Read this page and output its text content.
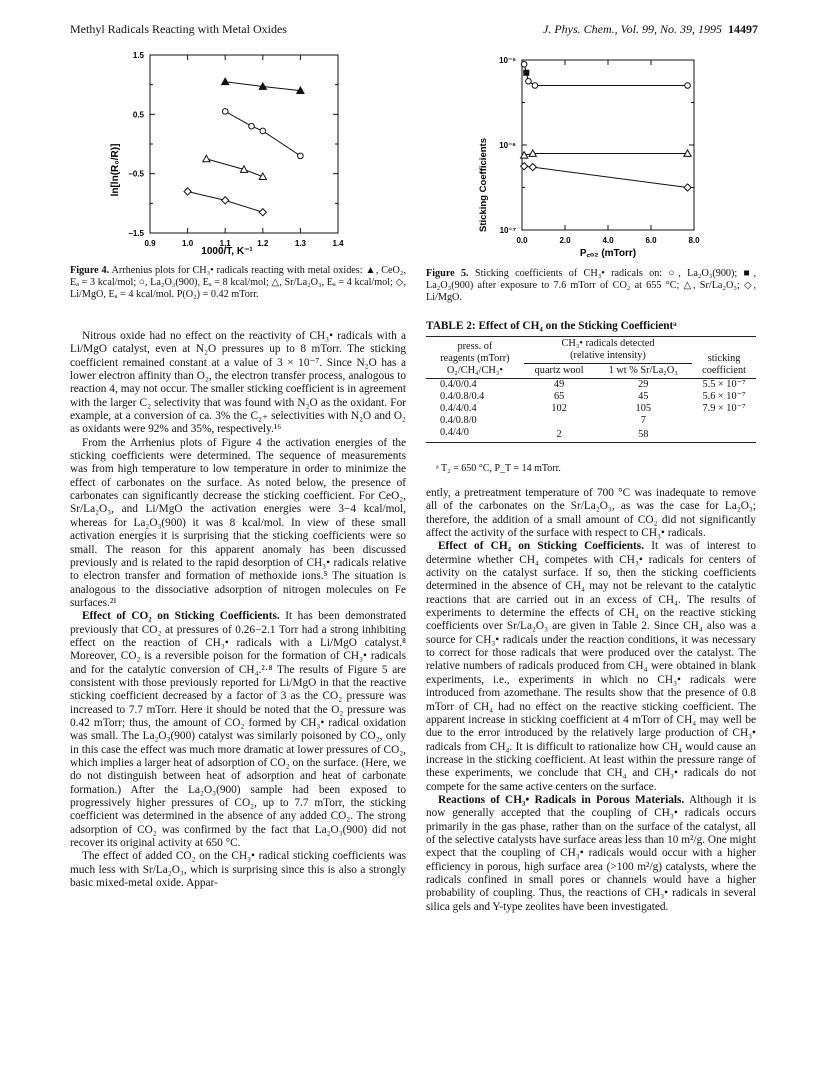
Methyl Radicals Reacting with Metal Oxides	J. Phys. Chem., Vol. 99, No. 39, 1995 14497
0.9	1.0	1.1	1.2	1.3	1.4
1.5
0.5
−0.5
−1.5
ln[ln(R₀/R)]
1000/T, K⁻¹
Figure 4. Arrhenius plots for CH₃• radicals reacting with metal oxides: ▲, CeO₂, Eₐ = 3 kcal/mol; ○, La₂O₃(900), Eₐ = 8 kcal/mol; △, Sr/La₂O₃, Eₐ = 4 kcal/mol; ◇, Li/MgO, Eₐ = 4 kcal/mol. P(O₂) = 0.42 mTorr.
0.0	2.0	4.0	6.0	8.0
10⁻⁵
10⁻⁶
10⁻⁷
Sticking Coefficients
P꜀ₒ₂ (mTorr)
Figure 5. Sticking coefficients of CH₃• radicals on: ○, La₂O₃(900); ■, La₂O₃(900) after exposure to 7.6 mTorr of CO₂ at 655 °C; △, Sr/La₂O₃; ◇, Li/MgO.

Nitrous oxide had no effect on the reactivity of CH₃• radicals with a Li/MgO catalyst, even at N₂O pressures up to 8 mTorr. The sticking coefficient remained constant at a value of 3 × 10⁻⁷. Since N₂O has a lower electron affinity than O₂, the electron transfer process, analogous to reaction 4, may not occur. The smaller sticking coefficient is in agreement with the larger C₂ selectivity that was found with N₂O as the oxidant. For example, at a conversion of ca. 3% the C₂₊ selectivities with N₂O and O₂ as oxidants were 92% and 35%, respectively.¹⁶

From the Arrhenius plots of Figure 4 the activation energies of the sticking coefficients were determined. The sequence of measurements was from high temperature to low temperature in order to minimize the effect of carbonates on the surface. As noted below, the presence of carbonates can significantly decrease the sticking coefficient. For CeO₂, Sr/La₂O₃, and Li/MgO the activation energies were 3−4 kcal/mol, whereas for La₂O₃(900) it was 8 kcal/mol. In view of these small activation energies it is surprising that the sticking coefficients were so small. The reason for this apparent anomaly has been discussed previously and is related to the rapid desorption of CH₃• radicals relative to electron transfer and formation of methoxide ions.⁵ The situation is analogous to the dissociative adsorption of nitrogen molecules on Fe surfaces.²¹

Effect of CO₂ on Sticking Coefficients. It has been demonstrated previously that CO₂ at pressures of 0.26−2.1 Torr had a strong inhibiting effect on the reaction of CH₃• radicals with a Li/MgO catalyst.⁸ Moreover, CO₂ is a reversible poison for the formation of CH₃• radicals and for the catalytic conversion of CH₄.²·⁸ The results of Figure 5 are consistent with those previously reported for Li/MgO in that the reactive sticking coefficient decreased by a factor of 3 as the CO₂ pressure was increased to 7.7 mTorr. Here it should be noted that the O₂ pressure was 0.42 mTorr; thus, the amount of CO₂ formed by CH₃• radical oxidation was small. The La₂O₃(900) catalyst was similarly poisoned by CO₂, only in this case the effect was much more dramatic at lower pressures of CO₂, which implies a larger heat of adsorption of CO₂ on the surface. (Here, we do not distinguish between heat of adsorption and heat of carbonate formation.) After the La₂O₃(900) sample had been exposed to progressively higher pressures of CO₂, up to 7.7 mTorr, the sticking coefficient was determined in the absence of any added CO₂. The strong adsorption of CO₂ was confirmed by the fact that La₂O₃(900) did not recover its original activity at 650 °C.

The effect of added CO₂ on the CH₃• radical sticking coefficients was much less with Sr/La₂O₃, which is surprising since this is also a strongly basic mixed-metal oxide. Appar-

TABLE 2: Effect of CH₄ on the Sticking Coefficientᵃ
press. of
reagents (mTorr)
O₂/CH₄/CH₃•	CH₃• radicals detected
(relative intensity)		sticking
coefficient
	quartz wool	1 wt % Sr/La₂O₃	
0.4/0/0.4	49	29	5.5 × 10⁻⁷
0.4/0.8/0.4	65	45	5.6 × 10⁻⁷
0.4/4/0.4	102	105	7.9 × 10⁻⁷
0.4/0.8/0		7	
0.4/4/0	2	58	
ᵃ T₂ = 650 °C, P_T = 14 mTorr.

ently, a pretreatment temperature of 700 °C was inadequate to remove all of the carbonates on the Sr/La₂O₃, as was the case for La₂O₃; therefore, the addition of a small amount of CO₂ did not significantly affect the activity of the surface with respect to CH₃• radicals.

Effect of CH₄ on Sticking Coefficients. It was of interest to determine whether CH₄ competes with CH₃• radicals for centers of activity on the catalyst surface. If so, then the sticking coefficients determined in the absence of CH₄ may not be relevant to the catalytic reactions that are carried out in an excess of CH₄. The results of experiments to determine the effects of CH₄ on the reactive sticking coefficients over Sr/La₂O₃ are given in Table 2. Since CH₄ also was a source for CH₃• radicals under the reaction conditions, it was necessary to correct for those radicals that were produced over the catalyst. The relative numbers of radicals produced from CH₄ were obtained in blank experiments, i.e., experiments in which no CH₃• radicals were introduced from azomethane. The results show that the presence of 0.8 mTorr of CH₄ had no effect on the reactive sticking coefficient. The apparent increase in sticking coefficient at 4 mTorr of CH₄ may well be due to the error introduced by the relatively large production of CH₃• radicals from CH₄. It is difficult to rationalize how CH₄ would cause an increase in the sticking coefficient. At least within the pressure range of these experiments, we conclude that CH₄ and CH₃• radicals do not compete for the same active centers on the surface.

Reactions of CH₃• Radicals in Porous Materials. Although it is now generally accepted that the coupling of CH₃• radicals occurs primarily in the gas phase, rather than on the surface of the catalyst, all of the selective catalysts have surface areas less than 10 m²/g. One might expect that the coupling of CH₃• radicals would occur with a higher efficiency in porous, high surface area (>100 m²/g) catalysts, where the radicals confined in small pores or channels would have a higher probability of coupling. Thus, the reactions of CH₃• radicals in several silica gels and Y-type zeolites have been investigated.
